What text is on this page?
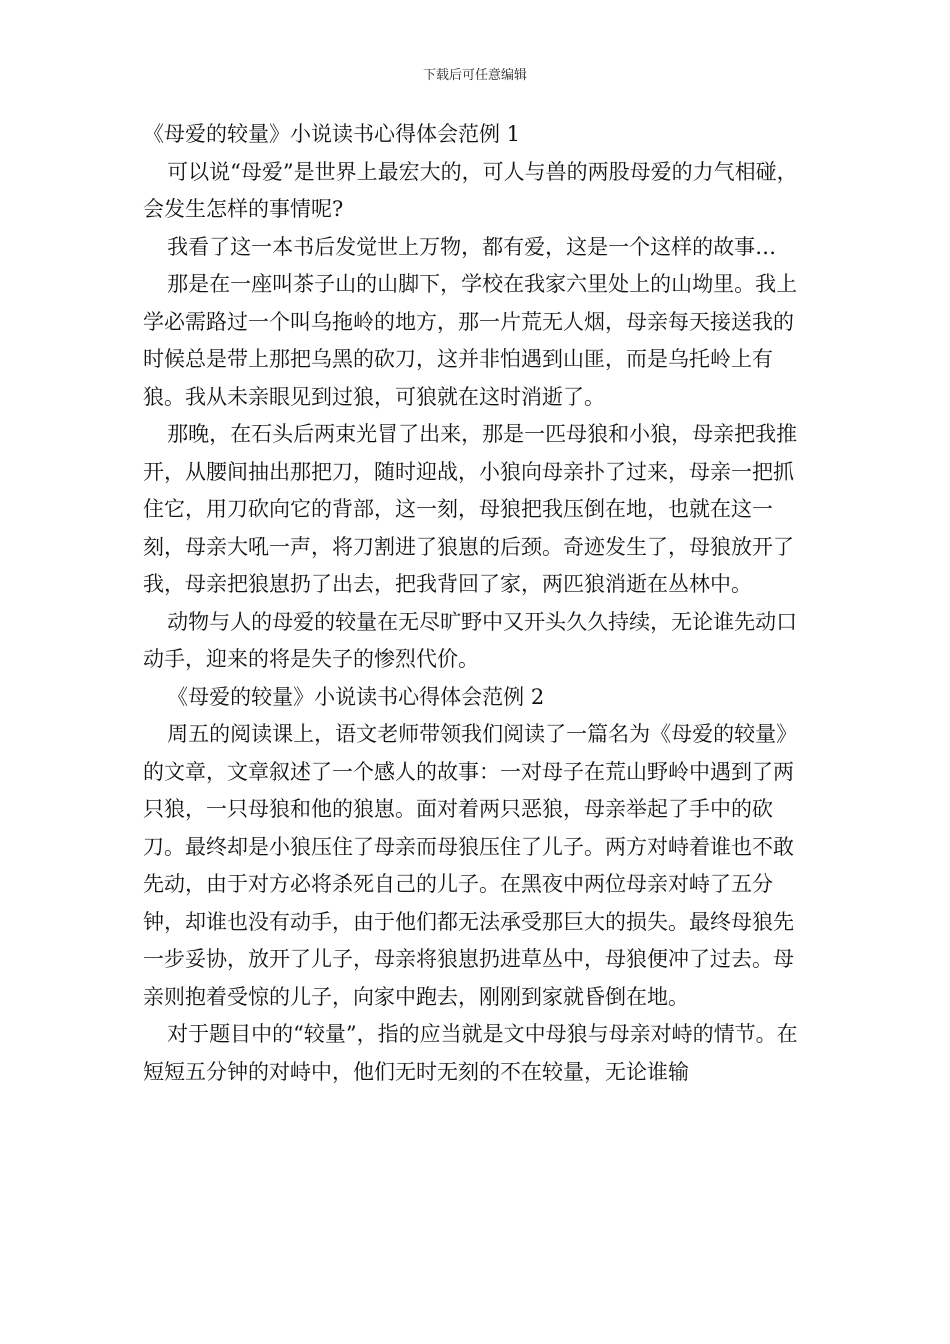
下载后可任意编辑

《母爱的较量》小说读书心得体会范例 1

可以说“母爱”是世界上最宏大的，可人与兽的两股母爱的力气相碰，会发生怎样的事情呢?

我看了这一本书后发觉世上万物，都有爱，这是一个这样的故事…

那是在一座叫茶子山的山脚下，学校在我家六里处上的山坳里。我上学必需路过一个叫乌拖岭的地方，那一片荒无人烟，母亲每天接送我的时候总是带上那把乌黑的砍刀，这并非怕遇到山匪，而是乌托岭上有狼。我从未亲眼见到过狼，可狼就在这时消逝了。

那晚，在石头后两束光冒了出来，那是一匹母狼和小狼，母亲把我推开，从腰间抽出那把刀，随时迎战，小狼向母亲扑了过来，母亲一把抓住它，用刀砍向它的背部，这一刻，母狼把我压倒在地，也就在这一刻，母亲大吼一声，将刀割进了狼崽的后颈。奇迹发生了，母狼放开了我，母亲把狼崽扔了出去，把我背回了家，两匹狼消逝在丛林中。

动物与人的母爱的较量在无尽旷野中又开头久久持续，无论谁先动口动手，迎来的将是失子的惨烈代价。

《母爱的较量》小说读书心得体会范例 2

周五的阅读课上，语文老师带领我们阅读了一篇名为《母爱的较量》的文章，文章叙述了一个感人的故事：一对母子在荒山野岭中遇到了两只狼，一只母狼和他的狼崽。面对着两只恶狼，母亲举起了手中的砍刀。最终却是小狼压住了母亲而母狼压住了儿子。两方对峙着谁也不敢先动，由于对方必将杀死自己的儿子。在黑夜中两位母亲对峙了五分钟，却谁也没有动手，由于他们都无法承受那巨大的损失。最终母狼先一步妥协，放开了儿子，母亲将狼崽扔进草丛中，母狼便冲了过去。母亲则抱着受惊的儿子，向家中跑去，刚刚到家就昏倒在地。

对于题目中的“较量”，指的应当就是文中母狼与母亲对峙的情节。在短短五分钟的对峙中，他们无时无刻的不在较量，无论谁输
